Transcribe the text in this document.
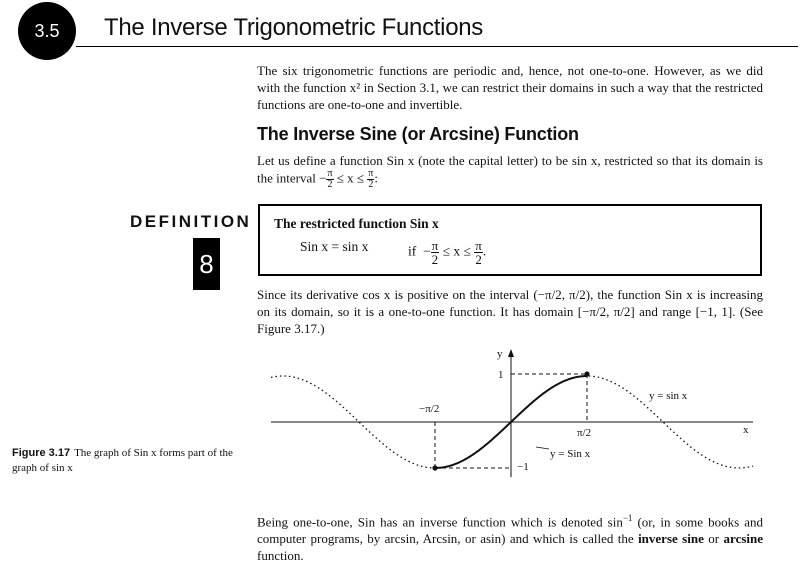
3.5 The Inverse Trigonometric Functions

The six trigonometric functions are periodic and, hence, not one-to-one. However, as we did with the function x² in Section 3.1, we can restrict their domains in such a way that the restricted functions are one-to-one and invertible.

The Inverse Sine (or Arcsine) Function

Let us define a function Sin x (note the capital letter) to be sin x, restricted so that its domain is the interval − $\frac{\pi}{2} \le x \le \frac{\pi}{2}$ :

DEFINITION
8
The restricted function Sin x
Sin x = sin x	if  − $\frac{\pi}{2} \le x \le \frac{\pi}{2}$ .

Since its derivative cos x is positive on the interval (−π/2, π/2), the function Sin x is increasing on its domain, so it is a one-to-one function. It has domain [−π/2, π/2] and range [−1, 1]. (See Figure 3.17.)

y
x
1
−1
−π/2
π/2
y = sin x
y = Sin x
Figure 3.17 The graph of Sin x forms part of the graph of sin x

Being one-to-one, Sin has an inverse function which is denoted $\sin^{-1} (or$, in some books and computer programs, by arcsin, Arcsin, or asin) and which is called the inverse sine or arcsine function.
